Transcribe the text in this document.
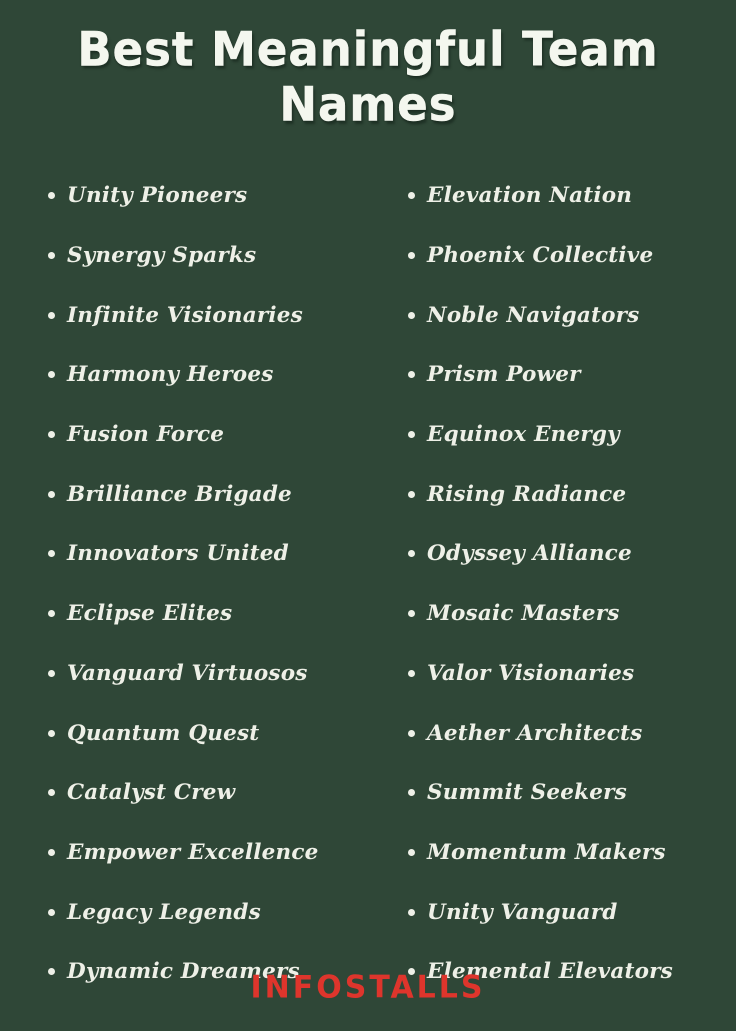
Best Meaningful Team Names
Unity Pioneers
Synergy Sparks
Infinite Visionaries
Harmony Heroes
Fusion Force
Brilliance Brigade
Innovators United
Eclipse Elites
Vanguard Virtuosos
Quantum Quest
Catalyst Crew
Empower Excellence
Legacy Legends
Dynamic Dreamers
Elevation Nation
Phoenix Collective
Noble Navigators
Prism Power
Equinox Energy
Rising Radiance
Odyssey Alliance
Mosaic Masters
Valor Visionaries
Aether Architects
Summit Seekers
Momentum Makers
Unity Vanguard
Elemental Elevators
INFOSTALLS
